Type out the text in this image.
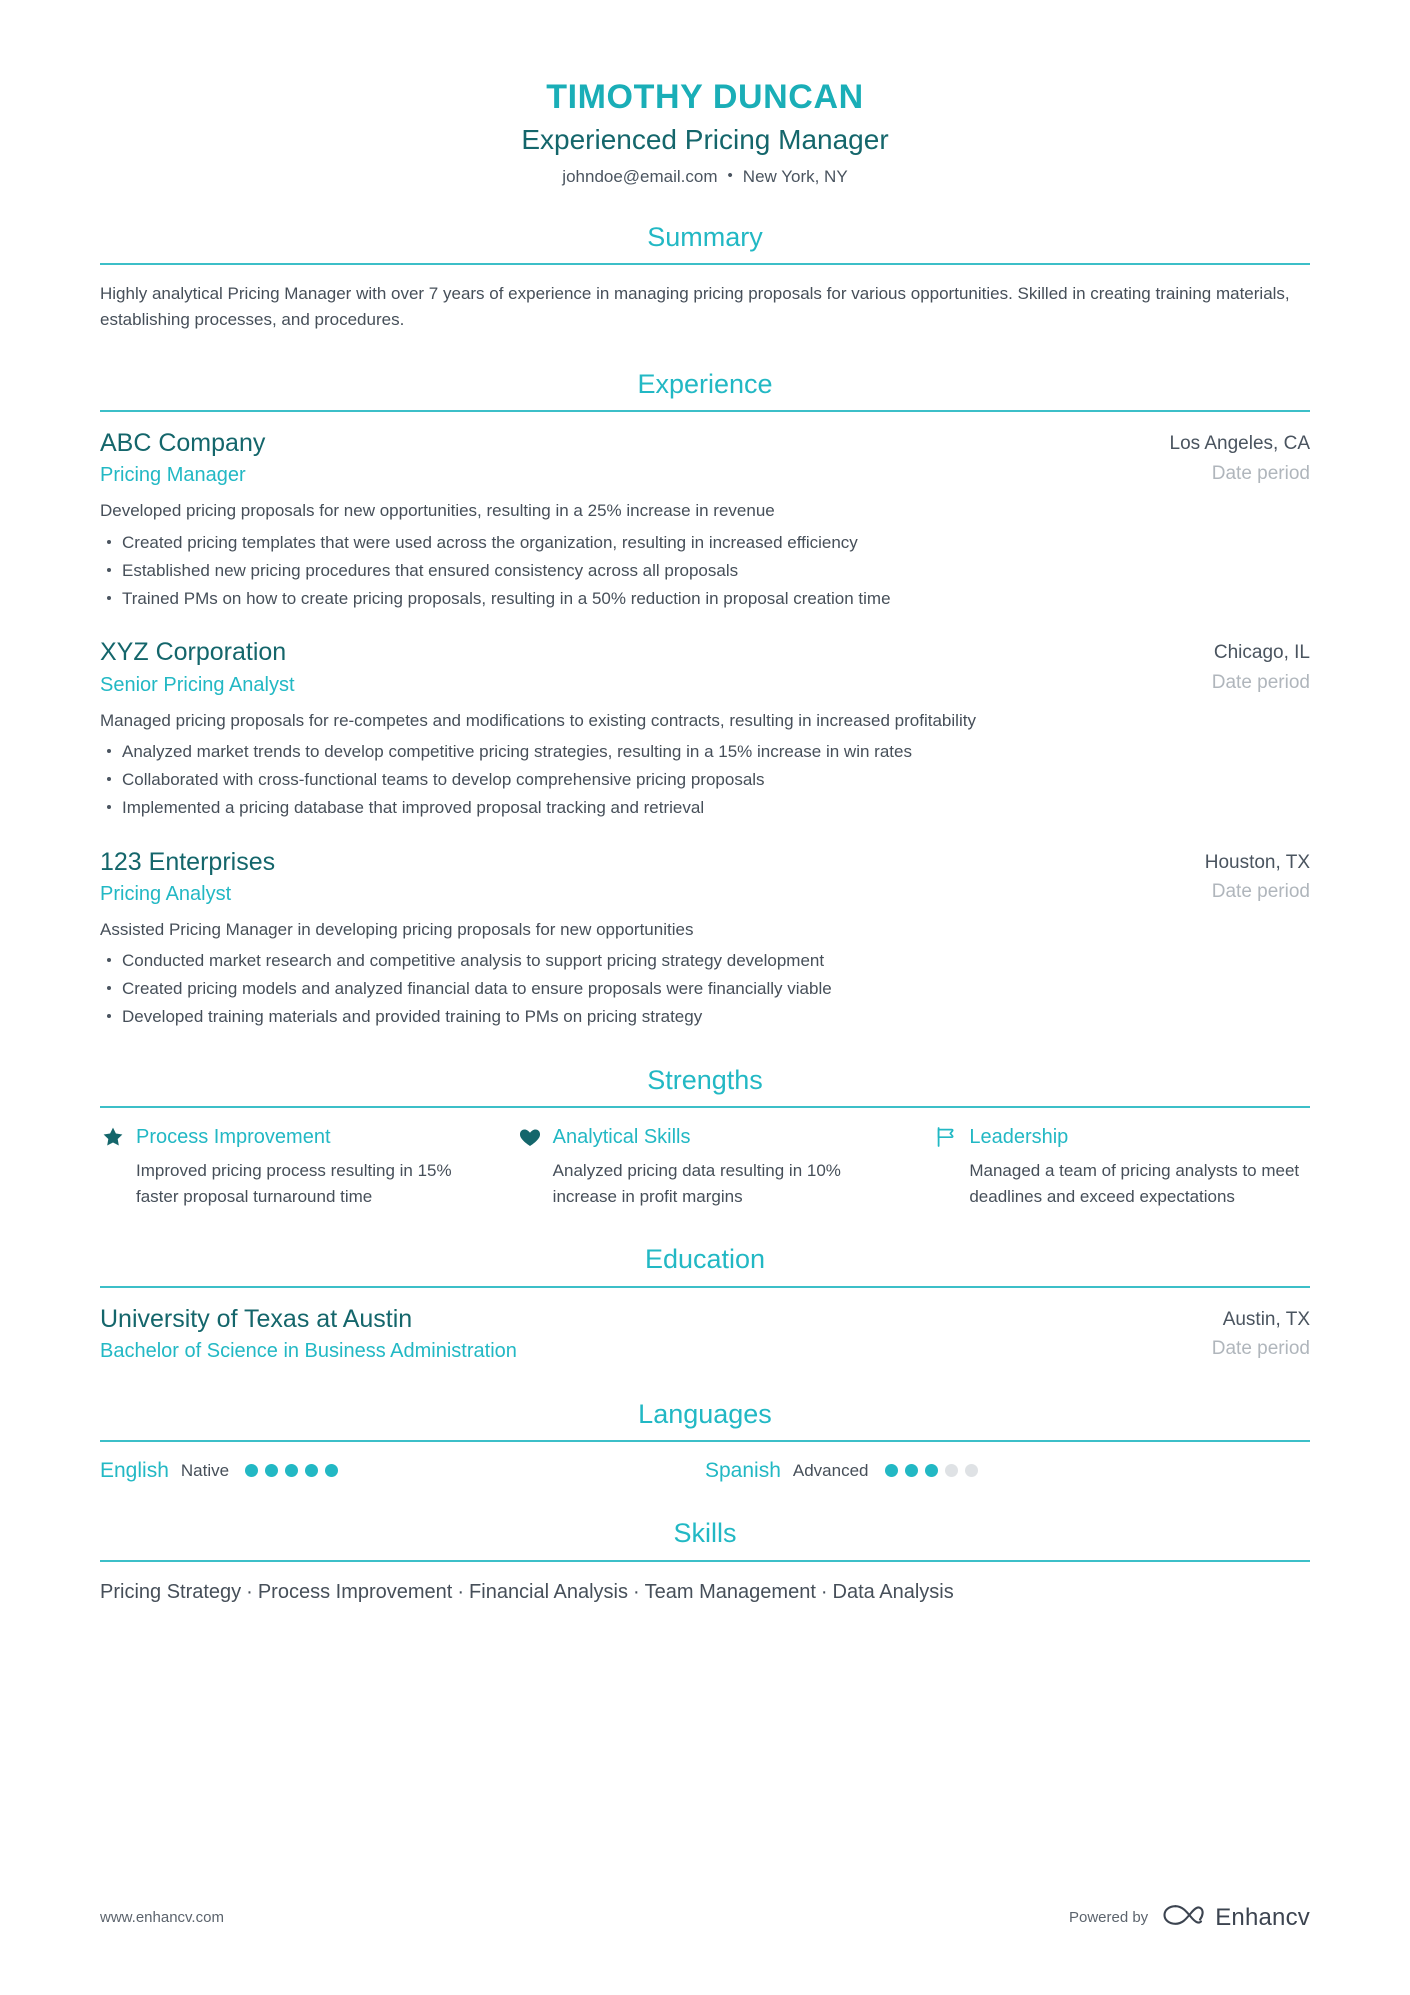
TIMOTHY DUNCAN
Experienced Pricing Manager
johndoe@email.com • New York, NY
Summary
Highly analytical Pricing Manager with over 7 years of experience in managing pricing proposals for various opportunities. Skilled in creating training materials, establishing processes, and procedures.
Experience
ABC Company
Pricing Manager
Los Angeles, CA
Date period
Developed pricing proposals for new opportunities, resulting in a 25% increase in revenue
Created pricing templates that were used across the organization, resulting in increased efficiency
Established new pricing procedures that ensured consistency across all proposals
Trained PMs on how to create pricing proposals, resulting in a 50% reduction in proposal creation time
XYZ Corporation
Senior Pricing Analyst
Chicago, IL
Date period
Managed pricing proposals for re-competes and modifications to existing contracts, resulting in increased profitability
Analyzed market trends to develop competitive pricing strategies, resulting in a 15% increase in win rates
Collaborated with cross-functional teams to develop comprehensive pricing proposals
Implemented a pricing database that improved proposal tracking and retrieval
123 Enterprises
Pricing Analyst
Houston, TX
Date period
Assisted Pricing Manager in developing pricing proposals for new opportunities
Conducted market research and competitive analysis to support pricing strategy development
Created pricing models and analyzed financial data to ensure proposals were financially viable
Developed training materials and provided training to PMs on pricing strategy
Strengths
Process Improvement
Improved pricing process resulting in 15% faster proposal turnaround time
Analytical Skills
Analyzed pricing data resulting in 10% increase in profit margins
Leadership
Managed a team of pricing analysts to meet deadlines and exceed expectations
Education
University of Texas at Austin
Bachelor of Science in Business Administration
Austin, TX
Date period
Languages
English Native	Spanish Advanced
Skills
Pricing Strategy · Process Improvement · Financial Analysis · Team Management · Data Analysis
www.enhancv.com	Powered by	Enhancv
